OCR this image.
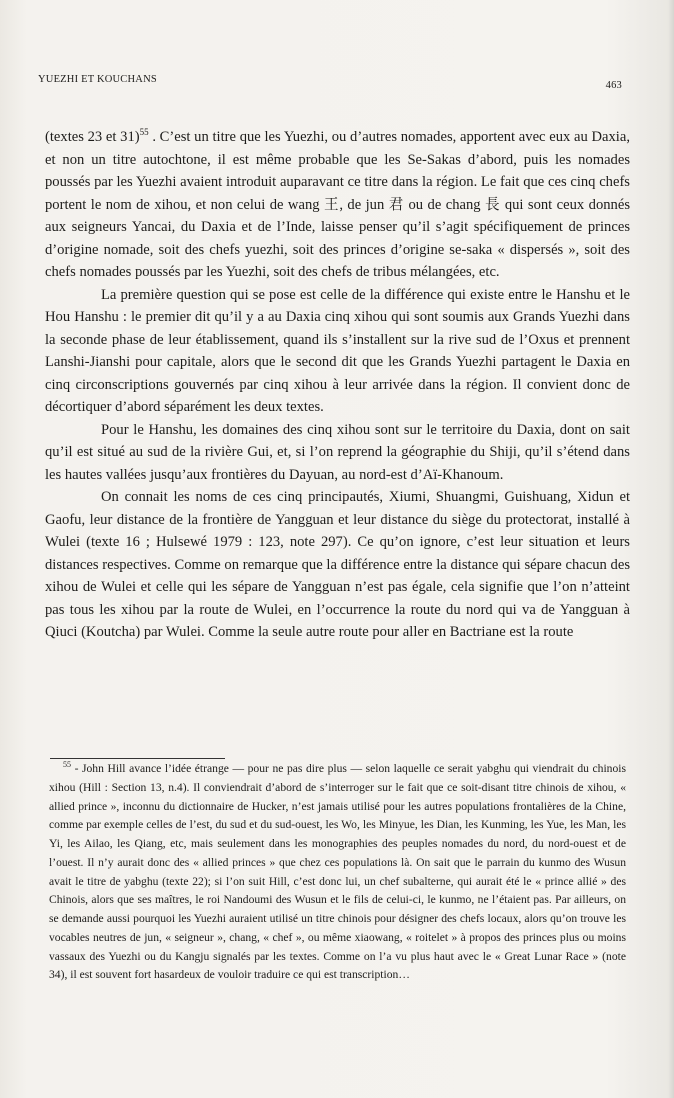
YUEZHI ET KOUCHANS
463

(textes 23 et 31)$^{55}$ . C’est un titre que les Yuezhi, ou d’autres nomades, apportent avec eux au Daxia, et non un titre autochtone, il est même probable que les Se-Sakas d’abord, puis les nomades poussés par les Yuezhi avaient introduit auparavant ce titre dans la région. Le fait que ces cinq chefs portent le nom de xihou, et non celui de wang 王, de jun 君 ou de chang 長 qui sont ceux donnés aux seigneurs Yancai, du Daxia et de l’Inde, laisse penser qu’il s’agit spécifiquement de princes d’origine nomade, soit des chefs yuezhi, soit des princes d’origine se-saka « dispersés », soit des chefs nomades poussés par les Yuezhi, soit des chefs de tribus mélangées, etc.

La première question qui se pose est celle de la différence qui existe entre le Hanshu et le Hou Hanshu : le premier dit qu’il y a au Daxia cinq xihou qui sont soumis aux Grands Yuezhi dans la seconde phase de leur établissement, quand ils s’installent sur la rive sud de l’Oxus et prennent Lanshi-Jianshi pour capitale, alors que le second dit que les Grands Yuezhi partagent le Daxia en cinq circonscriptions gouvernés par cinq xihou à leur arrivée dans la région. Il convient donc de décortiquer d’abord séparément les deux textes.

Pour le Hanshu, les domaines des cinq xihou sont sur le territoire du Daxia, dont on sait qu’il est situé au sud de la rivière Gui, et, si l’on reprend la géographie du Shiji, qu’il s’étend dans les hautes vallées jusqu’aux frontières du Dayuan, au nord-est d’Aï-Khanoum.

On connait les noms de ces cinq principautés, Xiumi, Shuangmi, Guishuang, Xidun et Gaofu, leur distance de la frontière de Yangguan et leur distance du siège du protectorat, installé à Wulei (texte 16 ; Hulsewé 1979 : 123, note 297). Ce qu’on ignore, c’est leur situation et leurs distances respectives. Comme on remarque que la différence entre la distance qui sépare chacun des xihou de Wulei et celle qui les sépare de Yangguan n’est pas égale, cela signifie que l’on n’atteint pas tous les xihou par la route de Wulei, en l’occurrence la route du nord qui va de Yangguan à Qiuci (Koutcha) par Wulei. Comme la seule autre route pour aller en Bactriane est la route

$^{55}$ - John Hill avance l’idée étrange — pour ne pas dire plus — selon laquelle ce serait yabghu qui viendrait du chinois xihou (Hill : Section 13, n.4). Il conviendrait d’abord de s’interroger sur le fait que ce soit-disant titre chinois de xihou, « allied prince », inconnu du dictionnaire de Hucker, n’est jamais utilisé pour les autres populations frontalières de la Chine, comme par exemple celles de l’est, du sud et du sud-ouest, les Wo, les Minyue, les Dian, les Kunming, les Yue, les Man, les Yi, les Ailao, les Qiang, etc, mais seulement dans les monographies des peuples nomades du nord, du nord-ouest et de l’ouest. Il n’y aurait donc des « allied princes » que chez ces populations là. On sait que le parrain du kunmo des Wusun avait le titre de yabghu (texte 22); si l’on suit Hill, c’est donc lui, un chef subalterne, qui aurait été le « prince allié » des Chinois, alors que ses maîtres, le roi Nandoumi des Wusun et le fils de celui-ci, le kunmo, ne l’étaient pas. Par ailleurs, on se demande aussi pourquoi les Yuezhi auraient utilisé un titre chinois pour désigner des chefs locaux, alors qu’on trouve les vocables neutres de jun, « seigneur », chang, « chef », ou même xiaowang, « roitelet » à propos des princes plus ou moins vassaux des Yuezhi ou du Kangju signalés par les textes. Comme on l’a vu plus haut avec le « Great Lunar Race » (note 34), il est souvent fort hasardeux de vouloir traduire ce qui est transcription…
